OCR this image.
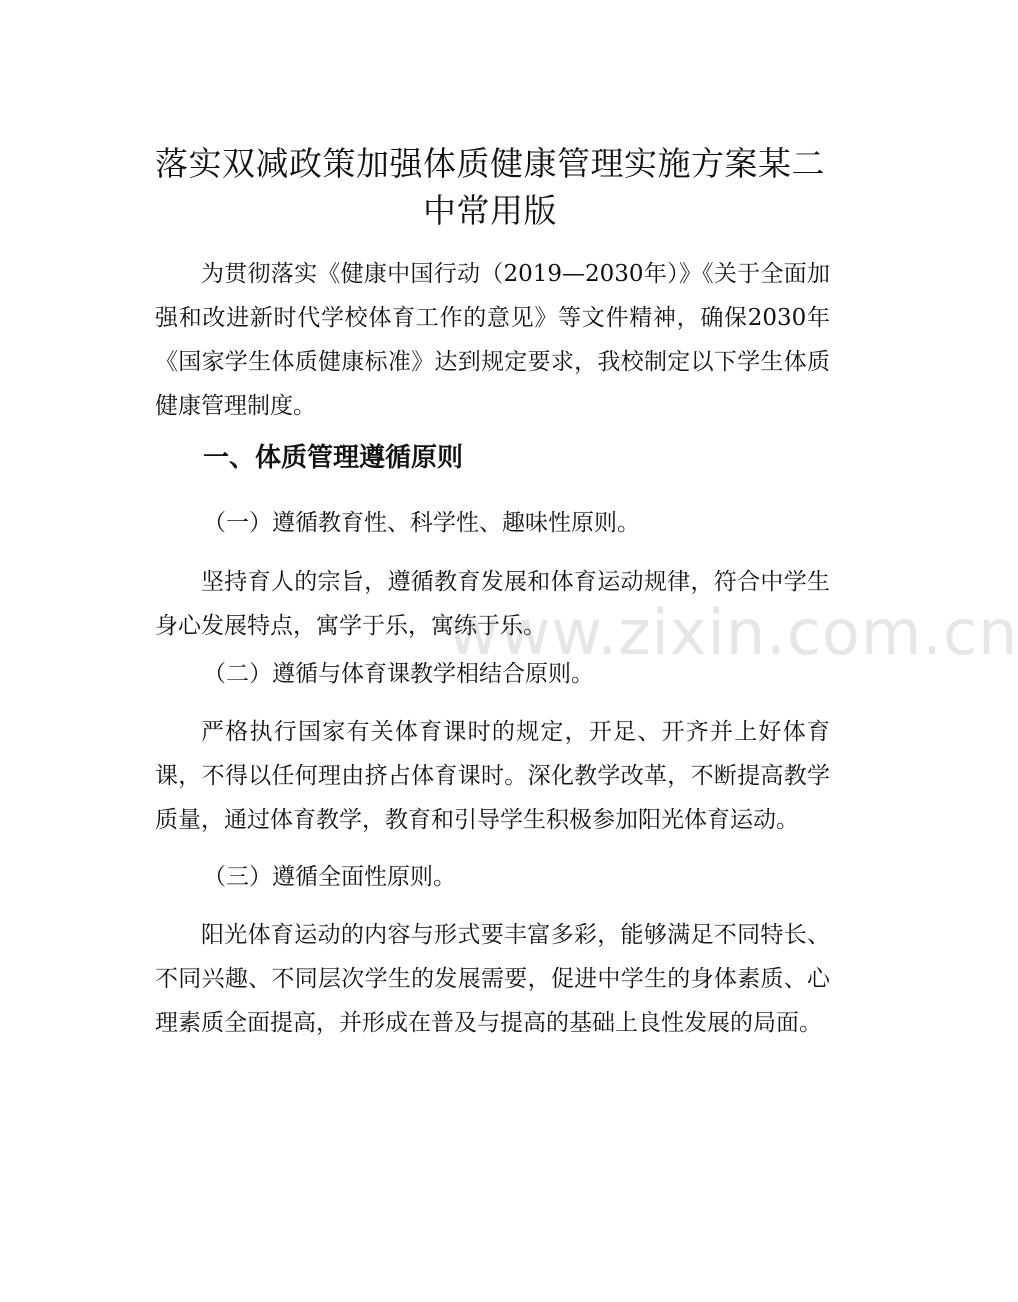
www.zixin.com.cn
落实双减政策加强体质健康管理实施方案某二中常用版

为贯彻落实《健康中国行动（2019—2030年）》《关于全面加强和改进新时代学校体育工作的意见》等文件精神，确保2030年《国家学生体质健康标准》达到规定要求，我校制定以下学生体质健康管理制度。

一、体质管理遵循原则

（一）遵循教育性、科学性、趣味性原则。

坚持育人的宗旨，遵循教育发展和体育运动规律，符合中学生身心发展特点，寓学于乐，寓练于乐。

（二）遵循与体育课教学相结合原则。

严格执行国家有关体育课时的规定，开足、开齐并上好体育课，不得以任何理由挤占体育课时。深化教学改革，不断提高教学质量，通过体育教学，教育和引导学生积极参加阳光体育运动。

（三）遵循全面性原则。

阳光体育运动的内容与形式要丰富多彩，能够满足不同特长、不同兴趣、不同层次学生的发展需要，促进中学生的身体素质、心理素质全面提高，并形成在普及与提高的基础上良性发展的局面。
